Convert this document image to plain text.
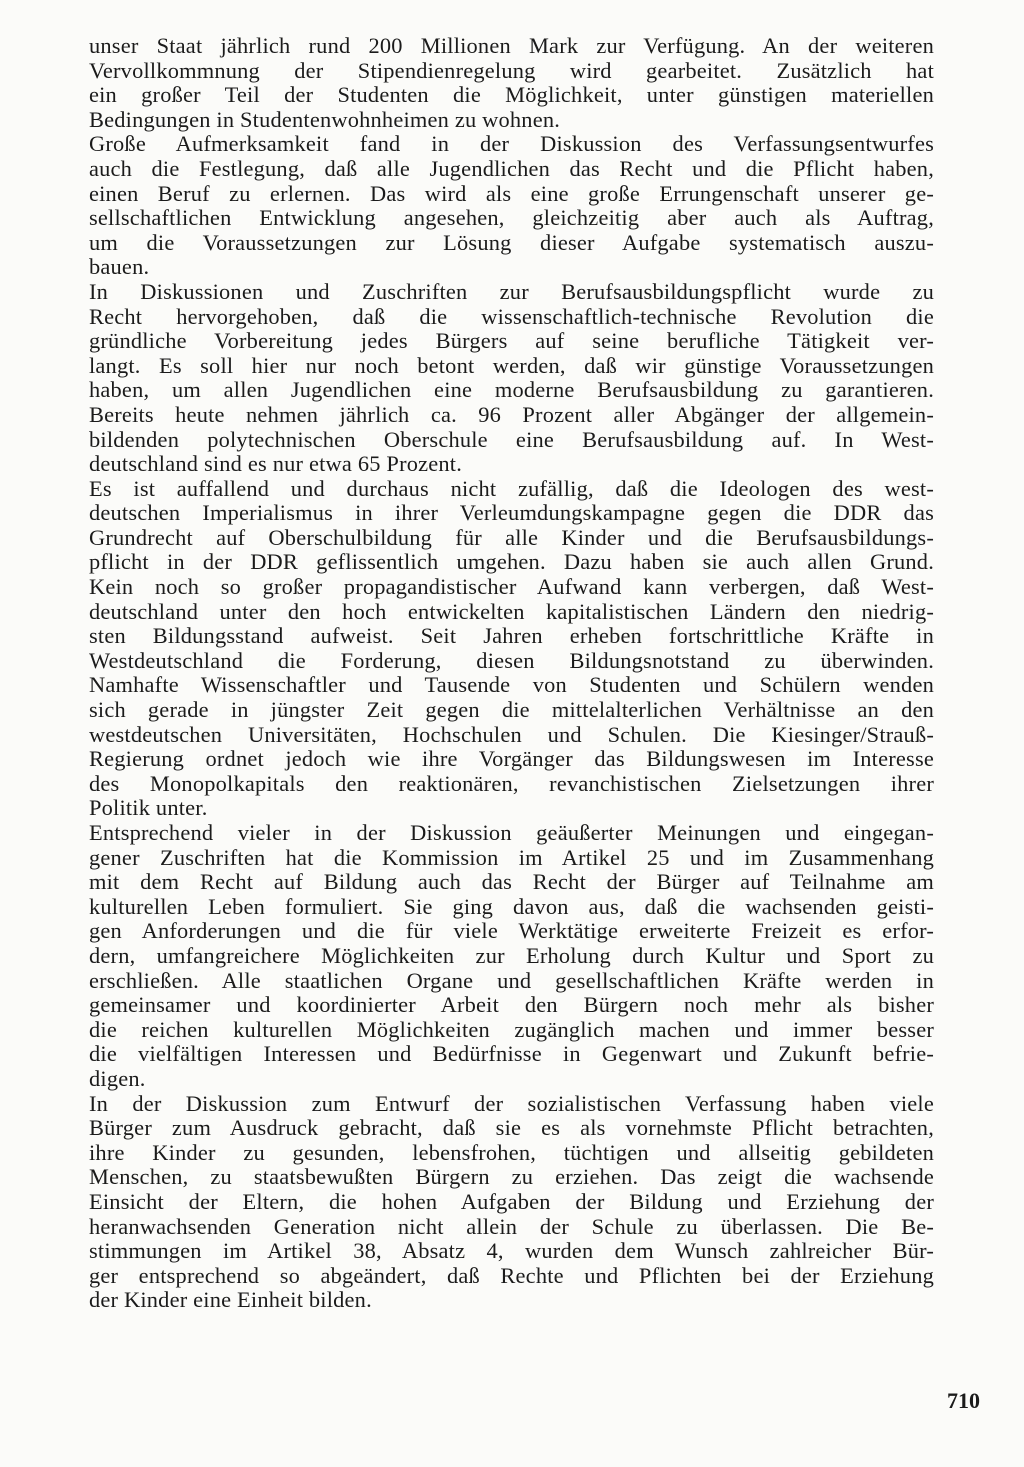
unser Staat jährlich rund 200 Millionen Mark zur Verfügung. An der weiteren
Vervollkommnung der Stipendienregelung wird gearbeitet. Zusätzlich hat
ein großer Teil der Studenten die Möglichkeit, unter günstigen materiellen
Bedingungen in Studentenwohnheimen zu wohnen.
Große Aufmerksamkeit fand in der Diskussion des Verfassungsentwurfes
auch die Festlegung, daß alle Jugendlichen das Recht und die Pflicht haben,
einen Beruf zu erlernen. Das wird als eine große Errungenschaft unserer ge-
sellschaftlichen Entwicklung angesehen, gleichzeitig aber auch als Auftrag,
um die Voraussetzungen zur Lösung dieser Aufgabe systematisch auszu-
bauen.
In Diskussionen und Zuschriften zur Berufsausbildungspflicht wurde zu
Recht hervorgehoben, daß die wissenschaftlich-technische Revolution die
gründliche Vorbereitung jedes Bürgers auf seine berufliche Tätigkeit ver-
langt. Es soll hier nur noch betont werden, daß wir günstige Voraussetzungen
haben, um allen Jugendlichen eine moderne Berufsausbildung zu garantieren.
Bereits heute nehmen jährlich ca. 96 Prozent aller Abgänger der allgemein-
bildenden polytechnischen Oberschule eine Berufsausbildung auf. In West-
deutschland sind es nur etwa 65 Prozent.
Es ist auffallend und durchaus nicht zufällig, daß die Ideologen des west-
deutschen Imperialismus in ihrer Verleumdungskampagne gegen die DDR das
Grundrecht auf Oberschulbildung für alle Kinder und die Berufsausbildungs-
pflicht in der DDR geflissentlich umgehen. Dazu haben sie auch allen Grund.
Kein noch so großer propagandistischer Aufwand kann verbergen, daß West-
deutschland unter den hoch entwickelten kapitalistischen Ländern den niedrig-
sten Bildungsstand aufweist. Seit Jahren erheben fortschrittliche Kräfte in
Westdeutschland die Forderung, diesen Bildungsnotstand zu überwinden.
Namhafte Wissenschaftler und Tausende von Studenten und Schülern wenden
sich gerade in jüngster Zeit gegen die mittelalterlichen Verhältnisse an den
westdeutschen Universitäten, Hochschulen und Schulen. Die Kiesinger/Strauß-
Regierung ordnet jedoch wie ihre Vorgänger das Bildungswesen im Interesse
des Monopolkapitals den reaktionären, revanchistischen Zielsetzungen ihrer
Politik unter.
Entsprechend vieler in der Diskussion geäußerter Meinungen und eingegan-
gener Zuschriften hat die Kommission im Artikel 25 und im Zusammenhang
mit dem Recht auf Bildung auch das Recht der Bürger auf Teilnahme am
kulturellen Leben formuliert. Sie ging davon aus, daß die wachsenden geisti-
gen Anforderungen und die für viele Werktätige erweiterte Freizeit es erfor-
dern, umfangreichere Möglichkeiten zur Erholung durch Kultur und Sport zu
erschließen. Alle staatlichen Organe und gesellschaftlichen Kräfte werden in
gemeinsamer und koordinierter Arbeit den Bürgern noch mehr als bisher
die reichen kulturellen Möglichkeiten zugänglich machen und immer besser
die vielfältigen Interessen und Bedürfnisse in Gegenwart und Zukunft befrie-
digen.
In der Diskussion zum Entwurf der sozialistischen Verfassung haben viele
Bürger zum Ausdruck gebracht, daß sie es als vornehmste Pflicht betrachten,
ihre Kinder zu gesunden, lebensfrohen, tüchtigen und allseitig gebildeten
Menschen, zu staatsbewußten Bürgern zu erziehen. Das zeigt die wachsende
Einsicht der Eltern, die hohen Aufgaben der Bildung und Erziehung der
heranwachsenden Generation nicht allein der Schule zu überlassen. Die Be-
stimmungen im Artikel 38, Absatz 4, wurden dem Wunsch zahlreicher Bür-
ger entsprechend so abgeändert, daß Rechte und Pflichten bei der Erziehung
der Kinder eine Einheit bilden.
710
